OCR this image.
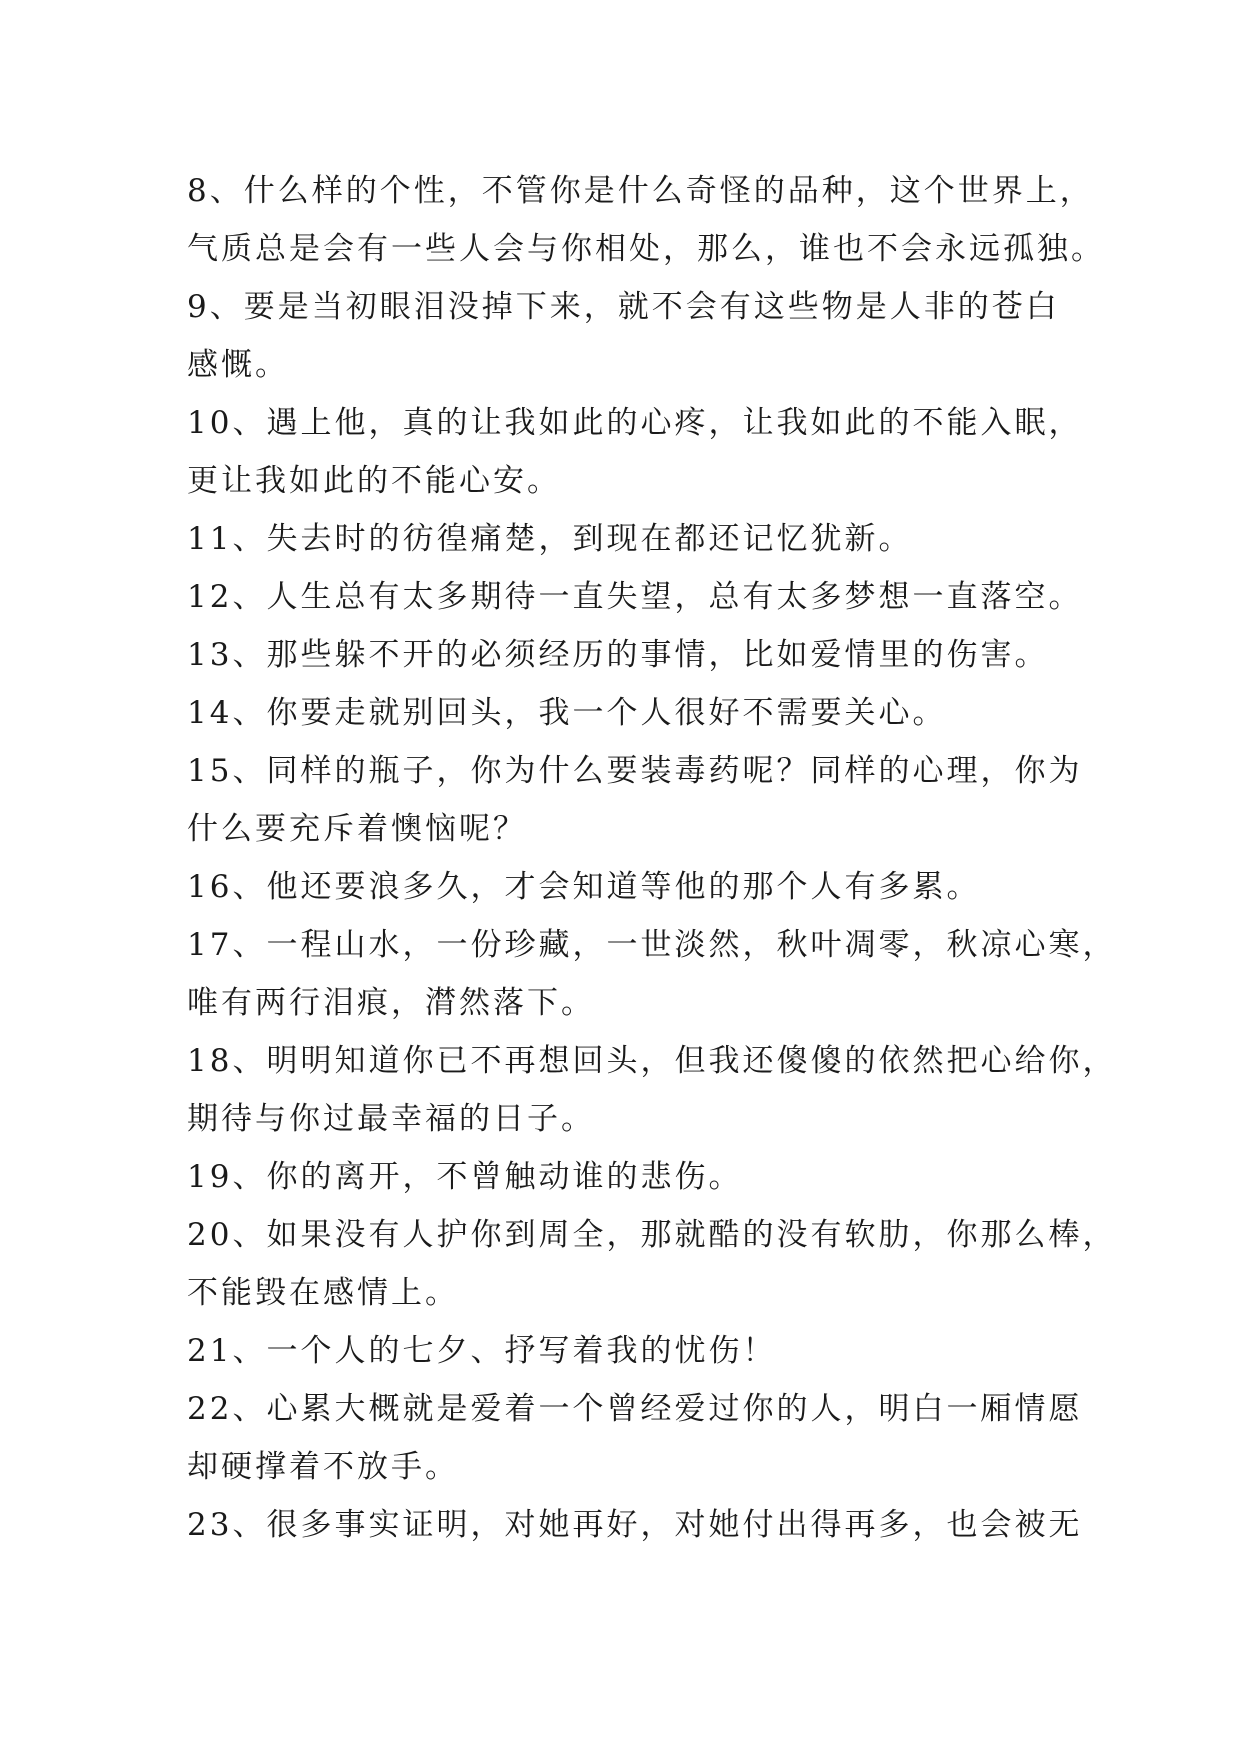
8、什么样的个性，不管你是什么奇怪的品种，这个世界上，
气质总是会有一些人会与你相处，那么，谁也不会永远孤独。
9、要是当初眼泪没掉下来，就不会有这些物是人非的苍白
感慨。
10、遇上他，真的让我如此的心疼，让我如此的不能入眠，
更让我如此的不能心安。
11、失去时的彷徨痛楚，到现在都还记忆犹新。
12、人生总有太多期待一直失望，总有太多梦想一直落空。
13、那些躲不开的必须经历的事情，比如爱情里的伤害。
14、你要走就别回头，我一个人很好不需要关心。
15、同样的瓶子，你为什么要装毒药呢？同样的心理，你为
什么要充斥着懊恼呢？
16、他还要浪多久，才会知道等他的那个人有多累。
17、一程山水，一份珍藏，一世淡然，秋叶凋零，秋凉心寒，
唯有两行泪痕，潸然落下。
18、明明知道你已不再想回头，但我还傻傻的依然把心给你，
期待与你过最幸福的日子。
19、你的离开，不曾触动谁的悲伤。
20、如果没有人护你到周全，那就酷的没有软肋，你那么棒，
不能毁在感情上。
21、一个人的七夕、抒写着我的忧伤！
22、心累大概就是爱着一个曾经爱过你的人，明白一厢情愿
却硬撑着不放手。
23、很多事实证明，对她再好，对她付出得再多，也会被无
